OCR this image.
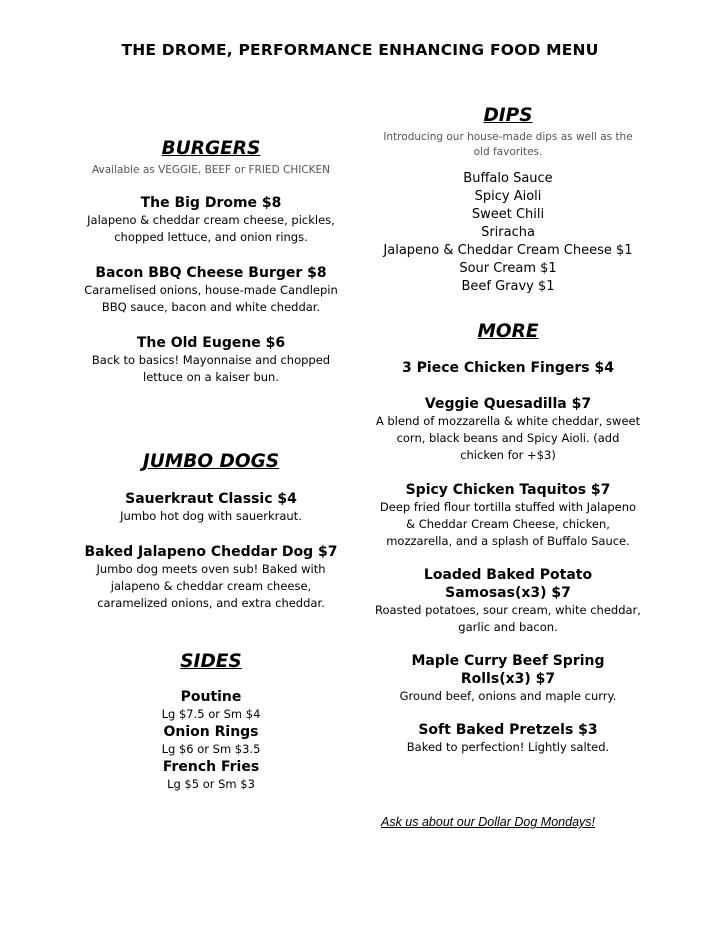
THE DROME, PERFORMANCE ENHANCING FOOD MENU
BURGERS
Available as VEGGIE, BEEF or FRIED CHICKEN
The Big Drome $8
Jalapeno & cheddar cream cheese, pickles, chopped lettuce, and onion rings.
Bacon BBQ Cheese Burger $8
Caramelised onions, house-made Candlepin BBQ sauce, bacon and white cheddar.
The Old Eugene $6
Back to basics! Mayonnaise and chopped lettuce on a kaiser bun.
JUMBO DOGS
Sauerkraut Classic $4
Jumbo hot dog with sauerkraut.
Baked Jalapeno Cheddar Dog $7
Jumbo dog meets oven sub! Baked with jalapeno & cheddar cream cheese, caramelized onions, and extra cheddar.
SIDES
Poutine
Lg $7.5 or Sm $4
Onion Rings
Lg $6 or Sm $3.5
French Fries
Lg $5 or Sm $3
DIPS
Introducing our house-made dips as well as the old favorites.
Buffalo Sauce
Spicy Aioli
Sweet Chili
Sriracha
Jalapeno & Cheddar Cream Cheese $1
Sour Cream $1
Beef Gravy $1
MORE
3 Piece Chicken Fingers $4
Veggie Quesadilla $7
A blend of mozzarella & white cheddar, sweet corn, black beans and Spicy Aioli. (add chicken for +$3)
Spicy Chicken Taquitos $7
Deep fried flour tortilla stuffed with Jalapeno & Cheddar Cream Cheese, chicken, mozzarella, and a splash of Buffalo Sauce.
Loaded Baked Potato Samosas(x3) $7
Roasted potatoes, sour cream, white cheddar, garlic and bacon.
Maple Curry Beef Spring Rolls(x3) $7
Ground beef, onions and maple curry.
Soft Baked Pretzels $3
Baked to perfection! Lightly salted.
Ask us about our Dollar Dog Mondays!
